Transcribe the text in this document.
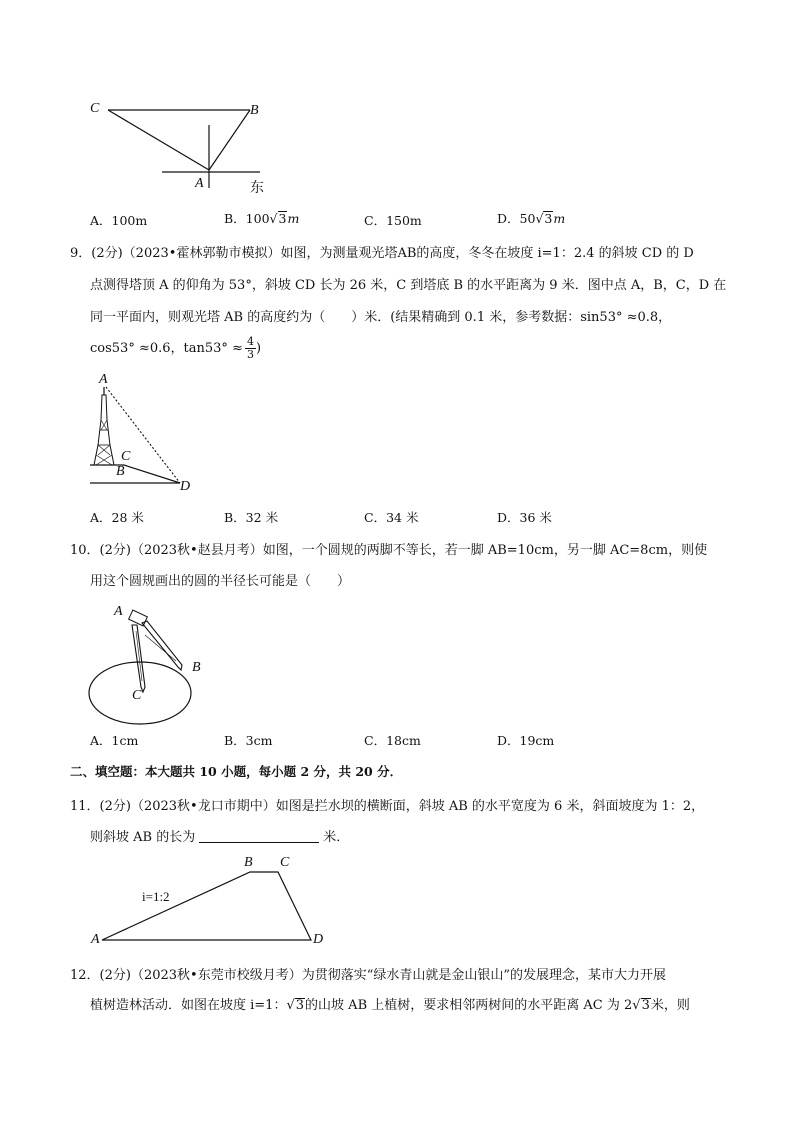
C	B
A	东
A．100m	B．100√3m	C．150m	D．50√3m
9．(2分)（2023•霍林郭勒市模拟）如图，为测量观光塔AB的高度，冬冬在坡度 i=1：2.4 的斜坡 CD 的 D
点测得塔顶 A 的仰角为 53°，斜坡 CD 长为 26 米，C 到塔底 B 的水平距离为 9 米．图中点 A，B，C，D 在
同一平面内，则观光塔 AB 的高度约为（　　）米．(结果精确到 0.1 米，参考数据：sin53° ≈0.8，
cos53° ≈0.6，$\tan 53^\circ \approx \frac{4}{3}$ )
A
C
B
D
A．28 米	B．32 米	C．34 米	D．36 米
10．(2分)（2023秋•赵县月考）如图，一个圆规的两脚不等长，若一脚 AB=10cm，另一脚 AC=8cm，则使
用这个圆规画出的圆的半径长可能是（　　）
A
B
C
A．1cm	B．3cm	C．18cm	D．19cm
二、填空题：本大题共 10 小题，每小题 2 分，共 20 分．
11．(2分)（2023秋•龙口市期中）如图是拦水坝的横断面，斜坡 AB 的水平宽度为 6 米，斜面坡度为 1：2，
则斜坡 AB 的长为	米．
B C
i=1:2
A	D
12．(2分)（2023秋•东莞市校级月考）为贯彻落实“绿水青山就是金山银山”的发展理念，某市大力开展
植树造林活动．如图在坡度 i=1：√3的山坡 AB 上植树，要求相邻两树间的水平距离 AC 为 2√3米，则
